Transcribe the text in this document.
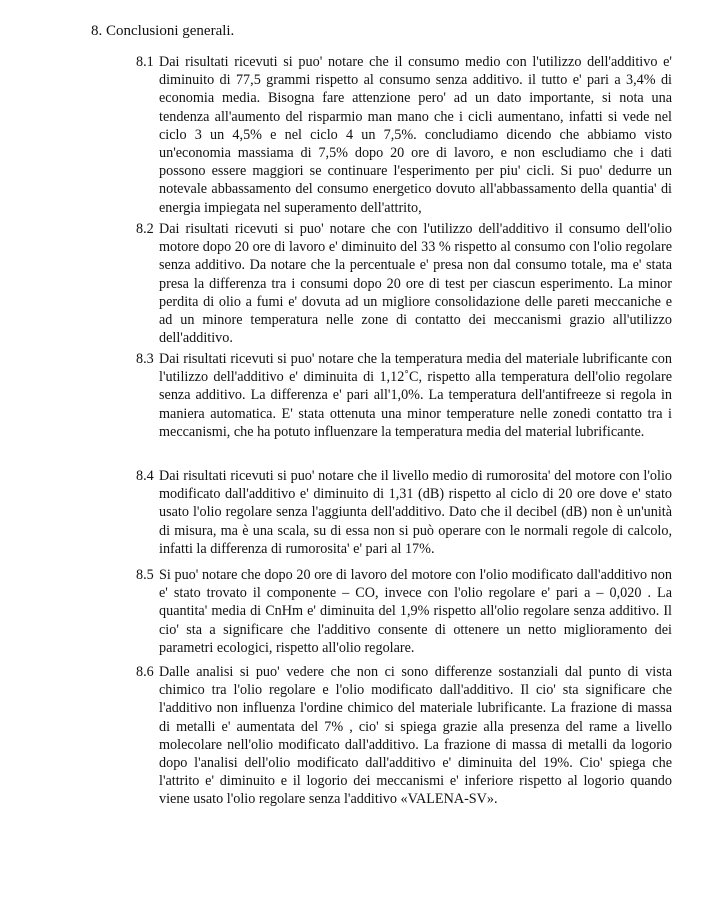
8. Conclusioni generali.
8.1 Dai risultati ricevuti si puo' notare che il consumo medio con l'utilizzo dell'additivo e' diminuito di 77,5 grammi rispetto al consumo senza additivo. il tutto e' pari a 3,4% di economia media. Bisogna fare attenzione pero' ad un dato importante, si nota una tendenza all'aumento del risparmio man mano che i cicli aumentano, infatti si vede nel ciclo 3 un 4,5% e nel ciclo 4 un 7,5%. concludiamo dicendo che abbiamo visto un'economia massiama di 7,5% dopo 20 ore di lavoro, e non escludiamo che i dati possono essere maggiori se continuare l'esperimento per piu' cicli. Si puo' dedurre un notevale abbassamento del consumo energetico dovuto all'abbassamento della quantia' di energia impiegata nel superamento dell'attrito,
8.2 Dai risultati ricevuti si puo' notare che con l'utilizzo dell'additivo il consumo dell'olio motore dopo 20 ore di lavoro e' diminuito del 33 % rispetto al consumo con l'olio regolare senza additivo. Da notare che la percentuale e' presa non dal consumo totale, ma e' stata presa la differenza tra i consumi dopo 20 ore di test per ciascun esperimento. La minor perdita di olio a fumi e' dovuta ad un migliore consolidazione delle pareti meccaniche e ad un minore temperatura nelle zone di contatto dei meccanismi grazio all'utilizzo dell'additivo.
8.3 Dai risultati ricevuti si puo' notare che la temperatura media del materiale lubrificante con l'utilizzo dell'additivo e' diminuita di 1,12˚C, rispetto alla temperatura dell'olio regolare senza additivo. La differenza e' pari all'1,0%. La temperatura dell'antifreeze si regola in maniera automatica. E' stata ottenuta una minor temperature nelle zonedi contatto tra i meccanismi, che ha potuto influenzare la temperatura media del material lubrificante.
8.4 Dai risultati ricevuti si puo' notare che il livello medio di rumorosita' del motore con l'olio modificato dall'additivo e' diminuito di 1,31 (dB) rispetto al ciclo di 20 ore dove e' stato usato l'olio regolare senza l'aggiunta dell'additivo. Dato che il decibel (dB) non è un'unità di misura, ma è una scala, su di essa non si può operare con le normali regole di calcolo, infatti la differenza di rumorosita' e' pari al 17%.
8.5 Si puo' notare che dopo 20 ore di lavoro del motore con l'olio modificato dall'additivo non e' stato trovato il componente – CO, invece con l'olio regolare e' pari a – 0,020 . La quantita' media di CnHm e' diminuita del 1,9% rispetto all'olio regolare senza additivo. Il cio' sta a significare che l'additivo consente di ottenere un netto miglioramento dei parametri ecologici, rispetto all'olio regolare.
8.6 Dalle analisi si puo' vedere che non ci sono differenze sostanziali dal punto di vista chimico tra l'olio regolare e l'olio modificato dall'additivo. Il cio' sta significare che l'additivo non influenza l'ordine chimico del materiale lubrificante. La frazione di massa di metalli e' aumentata del 7% , cio' si spiega grazie alla presenza del rame a livello molecolare nell'olio modificato dall'additivo. La frazione di massa di metalli da logorio dopo l'analisi dell'olio modificato dall'additivo e' diminuita del 19%. Cio' spiega che l'attrito e' diminuito e il logorio dei meccanismi e' inferiore rispetto al logorio quando viene usato l'olio regolare senza l'additivo «VALENA-SV».
